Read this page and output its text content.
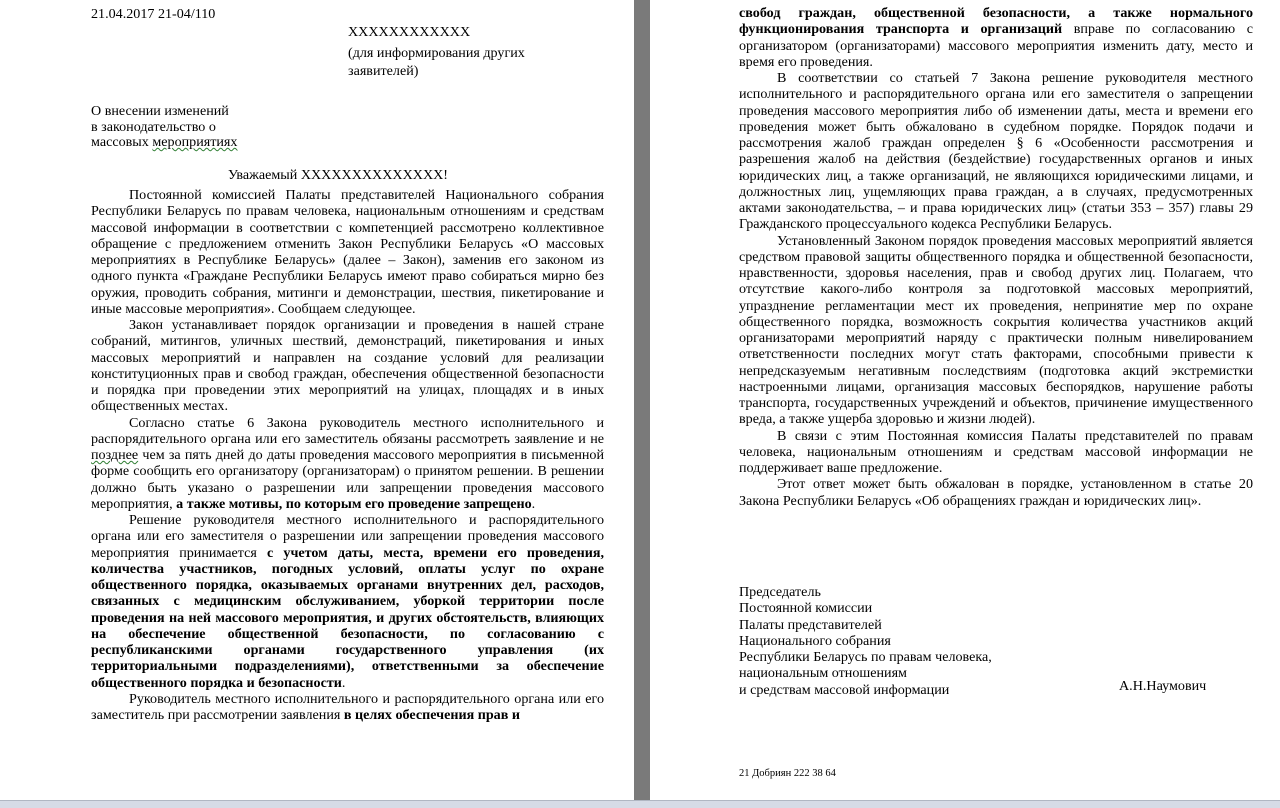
21.04.2017 21-04/110
XXXXXXXXXXXX
(для информирования других
заявителей)
О внесении изменений
в законодательство о
массовых мероприятиях
Уважаемый XXXXXXXXXXXXXX!

Постоянной комиссией Палаты представителей Национального собрания Республики Беларусь по правам человека, национальным отношениям и средствам массовой информации в соответствии с компетенцией рассмотрено коллективное обращение с предложением отменить Закон Республики Беларусь «О массовых мероприятиях в Республике Беларусь» (далее – Закон), заменив его законом из одного пункта «Граждане Республики Беларусь имеют право собираться мирно без оружия, проводить собрания, митинги и демонстрации, шествия, пикетирование и иные массовые мероприятия». Сообщаем следующее.

Закон устанавливает порядок организации и проведения в нашей стране собраний, митингов, уличных шествий, демонстраций, пикетирования и иных массовых мероприятий и направлен на создание условий для реализации конституционных прав и свобод граждан, обеспечения общественной безопасности и порядка при проведении этих мероприятий на улицах, площадях и в иных общественных местах.

Согласно статье 6 Закона руководитель местного исполнительного и распорядительного органа или его заместитель обязаны рассмотреть заявление и не позднее чем за пять дней до даты проведения массового мероприятия в письменной форме сообщить его организатору (организаторам) о принятом решении. В решении должно быть указано о разрешении или запрещении проведения массового мероприятия, а также мотивы, по которым его проведение запрещено.

Решение руководителя местного исполнительного и распорядительного органа или его заместителя о разрешении или запрещении проведения массового мероприятия принимается с учетом даты, места, времени его проведения, количества участников, погодных условий, оплаты услуг по охране общественного порядка, оказываемых органами внутренних дел, расходов, связанных с медицинским обслуживанием, уборкой территории после проведения на ней массового мероприятия, и других обстоятельств, влияющих на обеспечение общественной безопасности, по согласованию с республиканскими органами государственного управления (их территориальными подразделениями), ответственными за обеспечение общественного порядка и безопасности.

Руководитель местного исполнительного и распорядительного органа или его заместитель при рассмотрении заявления в целях обеспечения прав и

свобод граждан, общественной безопасности, а также нормального функционирования транспорта и организаций вправе по согласованию с организатором (организаторами) массового мероприятия изменить дату, место и время его проведения.

В соответствии со статьей 7 Закона решение руководителя местного исполнительного и распорядительного органа или его заместителя о запрещении проведения массового мероприятия либо об изменении даты, места и времени его проведения может быть обжаловано в судебном порядке. Порядок подачи и рассмотрения жалоб граждан определен § 6 «Особенности рассмотрения и разрешения жалоб на действия (бездействие) государственных органов и иных юридических лиц, а также организаций, не являющихся юридическими лицами, и должностных лиц, ущемляющих права граждан, а в случаях, предусмотренных актами законодательства, – и права юридических лиц» (статьи 353 – 357) главы 29 Гражданского процессуального кодекса Республики Беларусь.

Установленный Законом порядок проведения массовых мероприятий является средством правовой защиты общественного порядка и общественной безопасности, нравственности, здоровья населения, прав и свобод других лиц. Полагаем, что отсутствие какого-либо контроля за подготовкой массовых мероприятий, упразднение регламентации мест их проведения, непринятие мер по охране общественного порядка, возможность сокрытия количества участников акций организаторами мероприятий наряду с практически полным нивелированием ответственности последних могут стать факторами, способными привести к непредсказуемым негативным последствиям (подготовка акций экстремистки настроенными лицами, организация массовых беспорядков, нарушение работы транспорта, государственных учреждений и объектов, причинение имущественного вреда, а также ущерба здоровью и жизни людей).

В связи с этим Постоянная комиссия Палаты представителей по правам человека, национальным отношениям и средствам массовой информации не поддерживает ваше предложение.

Этот ответ может быть обжалован в порядке, установленном в статье 20 Закона Республики Беларусь «Об обращениях граждан и юридических лиц».

Председатель
Постоянной комиссии
Палаты представителей
Национального собрания
Республики Беларусь по правам человека,
национальным отношениям
и средствам массовой информации	А.Н.Наумович
21 Добриян 222 38 64
